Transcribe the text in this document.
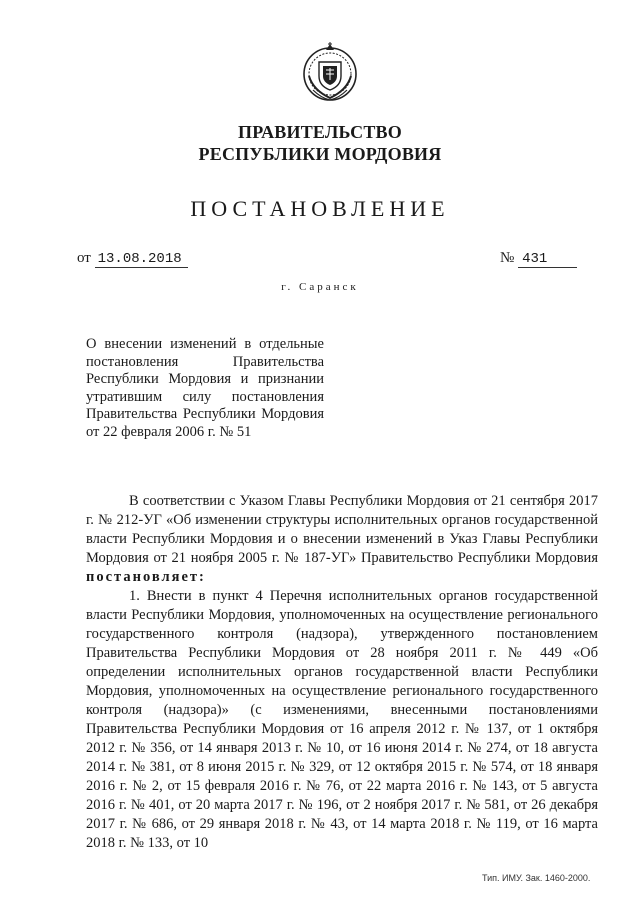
ПРАВИТЕЛЬСТВО
РЕСПУБЛИКИ МОРДОВИЯ
ПОСТАНОВЛЕНИЕ
от 13.08.2018	№ 431
г. Саранск
О внесении изменений в отдельные постановления Правительства Республики Мордовия и признании утратившим силу постановления Правительства Республики Мордовия от 22 февраля 2006 г. № 51

В соответствии с Указом Главы Республики Мордовия от 21 сентября 2017 г. № 212-УГ «Об изменении структуры исполнительных органов государственной власти Республики Мордовия и о внесении изменений в Указ Главы Республики Мордовия от 21 ноября 2005 г. № 187-УГ» Правительство Республики Мордовия постановляет:

1. Внести в пункт 4 Перечня исполнительных органов государственной власти Республики Мордовия, уполномоченных на осуществление регионального государственного контроля (надзора), утвержденного постановлением Правительства Республики Мордовия от 28 ноября 2011 г. № 449 «Об определении исполнительных органов государственной власти Республики Мордовия, уполномоченных на осуществление регионального государственного контроля (надзора)» (с изменениями, внесенными постановлениями Правительства Республики Мордовия от 16 апреля 2012 г. № 137, от 1 октября 2012 г. № 356, от 14 января 2013 г. № 10, от 16 июня 2014 г. № 274, от 18 августа 2014 г. № 381, от 8 июня 2015 г. № 329, от 12 октября 2015 г. № 574, от 18 января 2016 г. № 2, от 15 февраля 2016 г. № 76, от 22 марта 2016 г. № 143, от 5 августа 2016 г. № 401, от 20 марта 2017 г. № 196, от 2 ноября 2017 г. № 581, от 26 декабря 2017 г. № 686, от 29 января 2018 г. № 43, от 14 марта 2018 г. № 119, от 16 марта 2018 г. № 133, от 10

Тип. ИМУ. Зак. 1460-2000.
